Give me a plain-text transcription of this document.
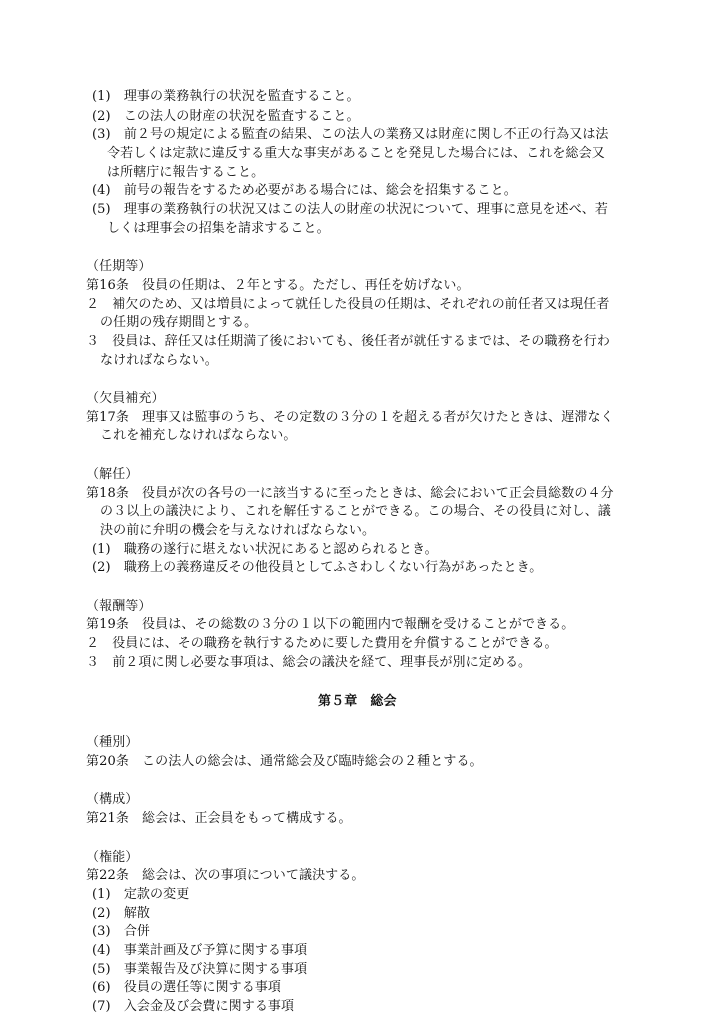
(1)　理事の業務執行の状況を監査すること。
(2)　この法人の財産の状況を監査すること。
(3)　前２号の規定による監査の結果、この法人の業務又は財産に関し不正の行為又は法
令若しくは定款に違反する重大な事実があることを発見した場合には、これを総会又
は所轄庁に報告すること。
(4)　前号の報告をするため必要がある場合には、総会を招集すること。
(5)　理事の業務執行の状況又はこの法人の財産の状況について、理事に意見を述べ、若
しくは理事会の招集を請求すること。
（任期等）
第16条　役員の任期は、２年とする。ただし、再任を妨げない。
２　補欠のため、又は増員によって就任した役員の任期は、それぞれの前任者又は現任者
の任期の残存期間とする。
３　役員は、辞任又は任期満了後においても、後任者が就任するまでは、その職務を行わ
なければならない。
（欠員補充）
第17条　理事又は監事のうち、その定数の３分の１を超える者が欠けたときは、遅滞なく
これを補充しなければならない。
（解任）
第18条　役員が次の各号の一に該当するに至ったときは、総会において正会員総数の４分
の３以上の議決により、これを解任することができる。この場合、その役員に対し、議
決の前に弁明の機会を与えなければならない。
(1)　職務の遂行に堪えない状況にあると認められるとき。
(2)　職務上の義務違反その他役員としてふさわしくない行為があったとき。
（報酬等）
第19条　役員は、その総数の３分の１以下の範囲内で報酬を受けることができる。
２　役員には、その職務を執行するために要した費用を弁償することができる。
３　前２項に関し必要な事項は、総会の議決を経て、理事長が別に定める。
第５章　総会
（種別）
第20条　この法人の総会は、通常総会及び臨時総会の２種とする。
（構成）
第21条　総会は、正会員をもって構成する。
（権能）
第22条　総会は、次の事項について議決する。
(1)　定款の変更
(2)　解散
(3)　合併
(4)　事業計画及び予算に関する事項
(5)　事業報告及び決算に関する事項
(6)　役員の選任等に関する事項
(7)　入会金及び会費に関する事項
